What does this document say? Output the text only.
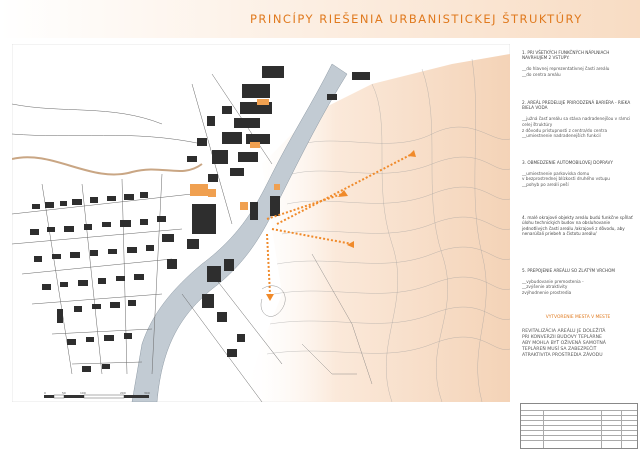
PRINCÍPY RIEŠENIA URBANISTICKEJ ŠTRUKTÚRY
0	50	100	200	300

1. PRI VŠETKÝCH FUNKČNÝCH NÁPLNIACH NAVRHUJEM 2 VSTUPY:

__do hlavnej reprezentatívnej časti areálu
__do centra areálu

2. AREÁL PREDELUJE PRIRODZENÁ BARIÉRA - RIEKA BIELA VODA

__južná časť areálu sa stáva nadradenejšou v rámci celej štruktúry
z dôvodu prístupnosti z centra/do centra
__umiestnenie nadradenejších funkcií

3. OBMEDZENIE AUTOMOBILOVEJ DOPRAVY

__umiestnenie parkoviska domu
v bezprostrednej blízkosti druhého vstupu
__pohyb po areáli peší

4. malé okrajové objekty areálu budú funkčne spĺňať úlohu technických budov na obsluhovanie jednotlivých častí areálu /akrajové z dôvodu, aby nenarúšali priebeh a čistotu areálu/

5. PREPOJENIE AREÁLU SO ZLATÝM VRCHOM

__vybudovanie premostenia -
__zvýšenie atraktivity
zvýhodnenie prostredia

VYTVORENIE MESTA V MESTE
REVITALIZÁCIA AREÁLU JE DOLEŽITÁ
PRI KONVERZII BUDOVY TEPLÁRNE
ABY MOHLA BYŤ OŽIVENÁ SAMOTNÁ
TEPLÁREŇ MUSÍ SA ZABEZPEČIŤ
ATRAKTIVITA PROSTREDIA ZÁVODU
